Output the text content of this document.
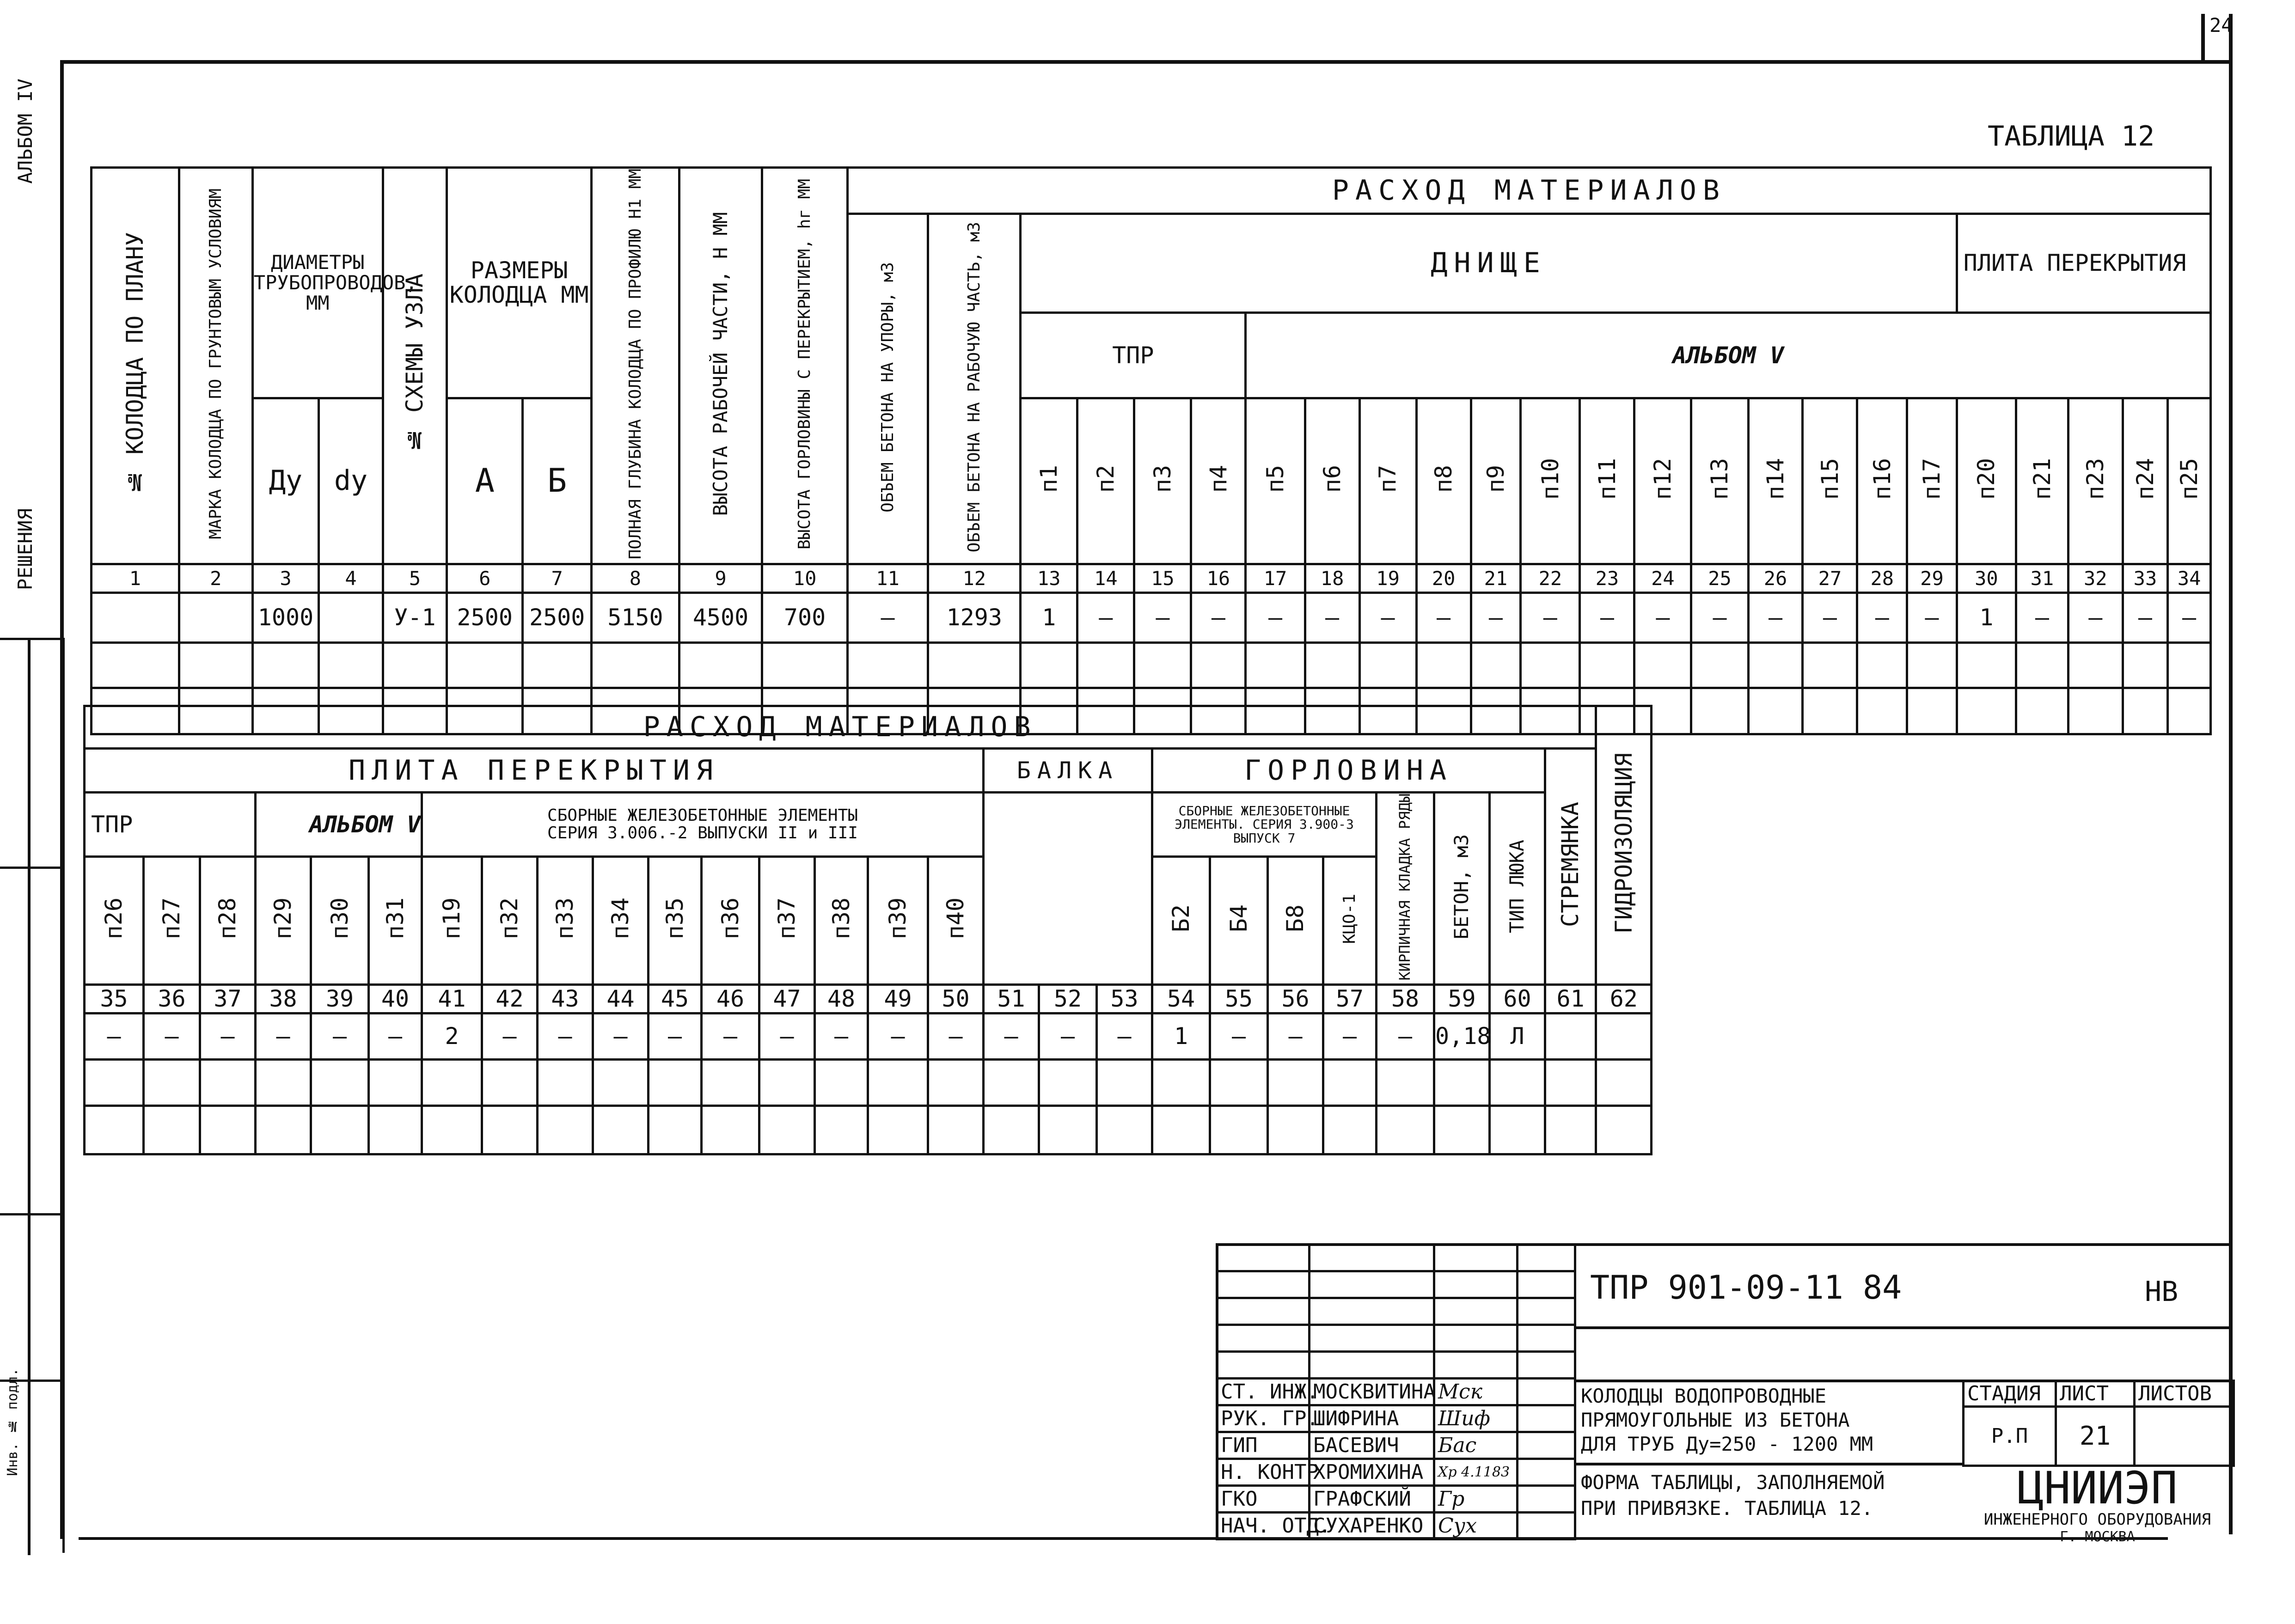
24
АЛЬБОМ IV
РЕШЕНИЯ
Инв. № подл.
ТАБЛИЦА 12
№ КОЛОДЦА ПО ПЛАНУ	МАРКА КОЛОДЦА ПО ГРУНТОВЫМ УСЛОВИЯМ	ДИАМЕТРЫ ТРУБОПРОВОДОВ, ММ		№ СХЕМЫ УЗЛА	РАЗМЕРЫ КОЛОДЦА ММ		ПОЛНАЯ ГЛУБИНА КОЛОДЦА ПО ПРОФИЛЮ Н1 ММ	ВЫСОТА РАБОЧЕЙ ЧАСТИ, Н ММ	ВЫСОТА ГОРЛОВИНЫ С ПЕРЕКРЫТИЕМ, hг ММ	РАСХОД МАТЕРИАЛОВ																							
										ОБЪЕМ БЕТОНА НА УПОРЫ, м3	ОБЪЕМ БЕТОНА НА РАБОЧУЮ ЧАСТЬ, м3	ДНИЩЕ																	ПЛИТА ПЕРЕКРЫТИЯ				
												ТПР				АЛЬБОМ V																	
		Ду	dу		А	Б						п1	п2	п3	п4	п5	п6	п7	п8	п9	п10	п11	п12	п13	п14	п15	п16	п17	п20	п21	п23	п24	п25
1	2	3	4	5	6	7	8	9	10	11	12	13	14	15	16	17	18	19	20	21	22	23	24	25	26	27	28	29	30	31	32	33	34
		1000		У-1	2500	2500	5150	4500	700	—	1293	1	—	—	—	—	—	—	—	—	—	—	—	—	—	—	—	—	1	—	—	—	—

РАСХОД МАТЕРИАЛОВ																											ГИДРОИЗОЛЯЦИЯ	
ПЛИТА ПЕРЕКРЫТИЯ																БАЛКА			ГОРЛОВИНА							СТРЕМЯНКА		
ТПР			АЛЬБОМ V			СБОРНЫЕ ЖЕЛЕЗОБЕТОННЫЕ ЭЛЕМЕНТЫ
СЕРИЯ 3.006.-2 ВЫПУСКИ II и III													СБОРНЫЕ ЖЕЛЕЗОБЕТОННЫЕ ЭЛЕМЕНТЫ. СЕРИЯ 3.900-3 ВЫПУСК 7				КИРПИЧНАЯ КЛАДКА РЯДЫ	БЕТОН, м3	ТИП ЛЮКА			
п26	п27	п28	п29	п30	п31	п19	п32	п33	п34	п35	п36	п37	п38	п39	п40				Б2	Б4	Б8	КЦО-1			
35	36	37	38	39	40	41	42	43	44	45	46	47	48	49	50	51	52	53	54	55	56	57	58	59	60	61	62	
—	—	—	—	—	—	2	—	—	—	—	—	—	—	—	—	—	—	—	1	—	—	—	—	0,18	Л			

СТ. ИНЖ.	МОСКВИТИНА	Мск	
РУК. ГР.	ШИФРИНА	Шиф	
ГИП	БАСЕВИЧ	Бас	
Н. КОНТР	ХРОМИХИНА	Хр 4.1183	
ГКО	ГРАФСКИЙ	Гр	
НАЧ. ОТД.	СУХАРЕНКО	Сух	
ТПР 901-09-11 84	НВ
КОЛОДЦЫ ВОДОПРОВОДНЫЕ
ПРЯМОУГОЛЬНЫЕ ИЗ БЕТОНА
ДЛЯ ТРУБ Ду=250 - 1200 ММ
ФОРМА ТАБЛИЦЫ, ЗАПОЛНЯЕМОЙ
ПРИ ПРИВЯЗКЕ. ТАБЛИЦА 12.
СТАДИЯ	ЛИСТ	ЛИСТОВ
Р.П	21	
ЦНИИЭП
ИНЖЕНЕРНОГО ОБОРУДОВАНИЯ
Г. МОСКВА
